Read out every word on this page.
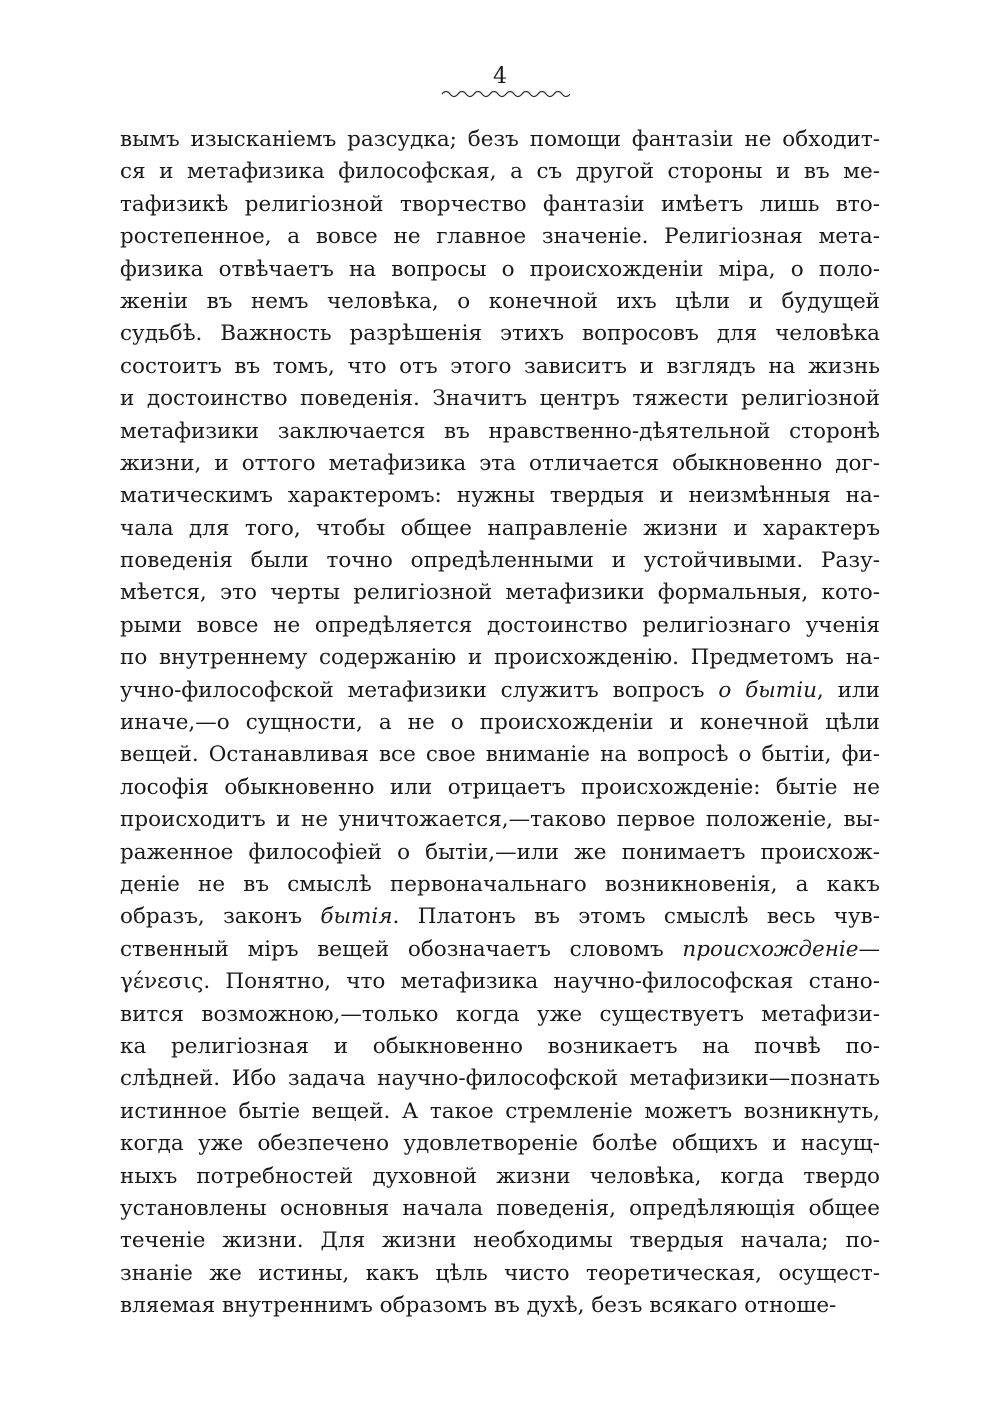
4
вымъ изысканіемъ разсудка; безъ помощи фантазіи не обходит-
ся и метафизика философская, а съ другой стороны и въ ме-
тафизикѣ религіозной творчество фантазіи имѣетъ лишь вто-
ростепенное, а вовсе не главное значеніе. Религіозная мета-
физика отвѣчаетъ на вопросы о происхожденіи міра, о поло-
женіи въ немъ человѣка, о конечной ихъ цѣли и будущей
судьбѣ. Важность разрѣшенія этихъ вопросовъ для человѣка
состоитъ въ томъ, что отъ этого зависитъ и взглядъ на жизнь
и достоинство поведенія. Значитъ центръ тяжести религіозной
метафизики заключается въ нравственно-дѣятельной сторонѣ
жизни, и оттого метафизика эта отличается обыкновенно дог-
матическимъ характеромъ: нужны твердыя и неизмѣнныя на-
чала для того, чтобы общее направленіе жизни и характеръ
поведенія были точно опредѣленными и устойчивыми. Разу-
мѣется, это черты религіозной метафизики формальныя, кото-
рыми вовсе не опредѣляется достоинство религіознаго ученія
по внутреннему содержанію и происхожденію. Предметомъ на-
учно-философской метафизики служитъ вопросъ о бытіи, или
иначе,—о сущности, а не о происхожденіи и конечной цѣли
вещей. Останавливая все свое вниманіе на вопросѣ о бытіи, фи-
лософія обыкновенно или отрицаетъ происхожденіе: бытіе не
происходитъ и не уничтожается,—таково первое положеніе, вы-
раженное философіей о бытіи,—или же понимаетъ происхож-
деніе не въ смыслѣ первоначальнаго возникновенія, а какъ
образъ, законъ бытія. Платонъ въ этомъ смыслѣ весь чув-
ственный міръ вещей обозначаетъ словомъ происхожденіе—
γένεσις. Понятно, что метафизика научно-философская стано-
вится возможною,—только когда уже существуетъ метафизи-
ка религіозная и обыкновенно возникаетъ на почвѣ по-
слѣдней. Ибо задача научно-философской метафизики—познать
истинное бытіе вещей. А такое стремленіе можетъ возникнуть,
когда уже обезпечено удовлетвореніе болѣе общихъ и насущ-
ныхъ потребностей духовной жизни человѣка, когда твердо
установлены основныя начала поведенія, опредѣляющія общее
теченіе жизни. Для жизни необходимы твердыя начала; по-
знаніе же истины, какъ цѣль чисто теоретическая, осущест-
вляемая внутреннимъ образомъ въ духѣ, безъ всякаго отноше-
